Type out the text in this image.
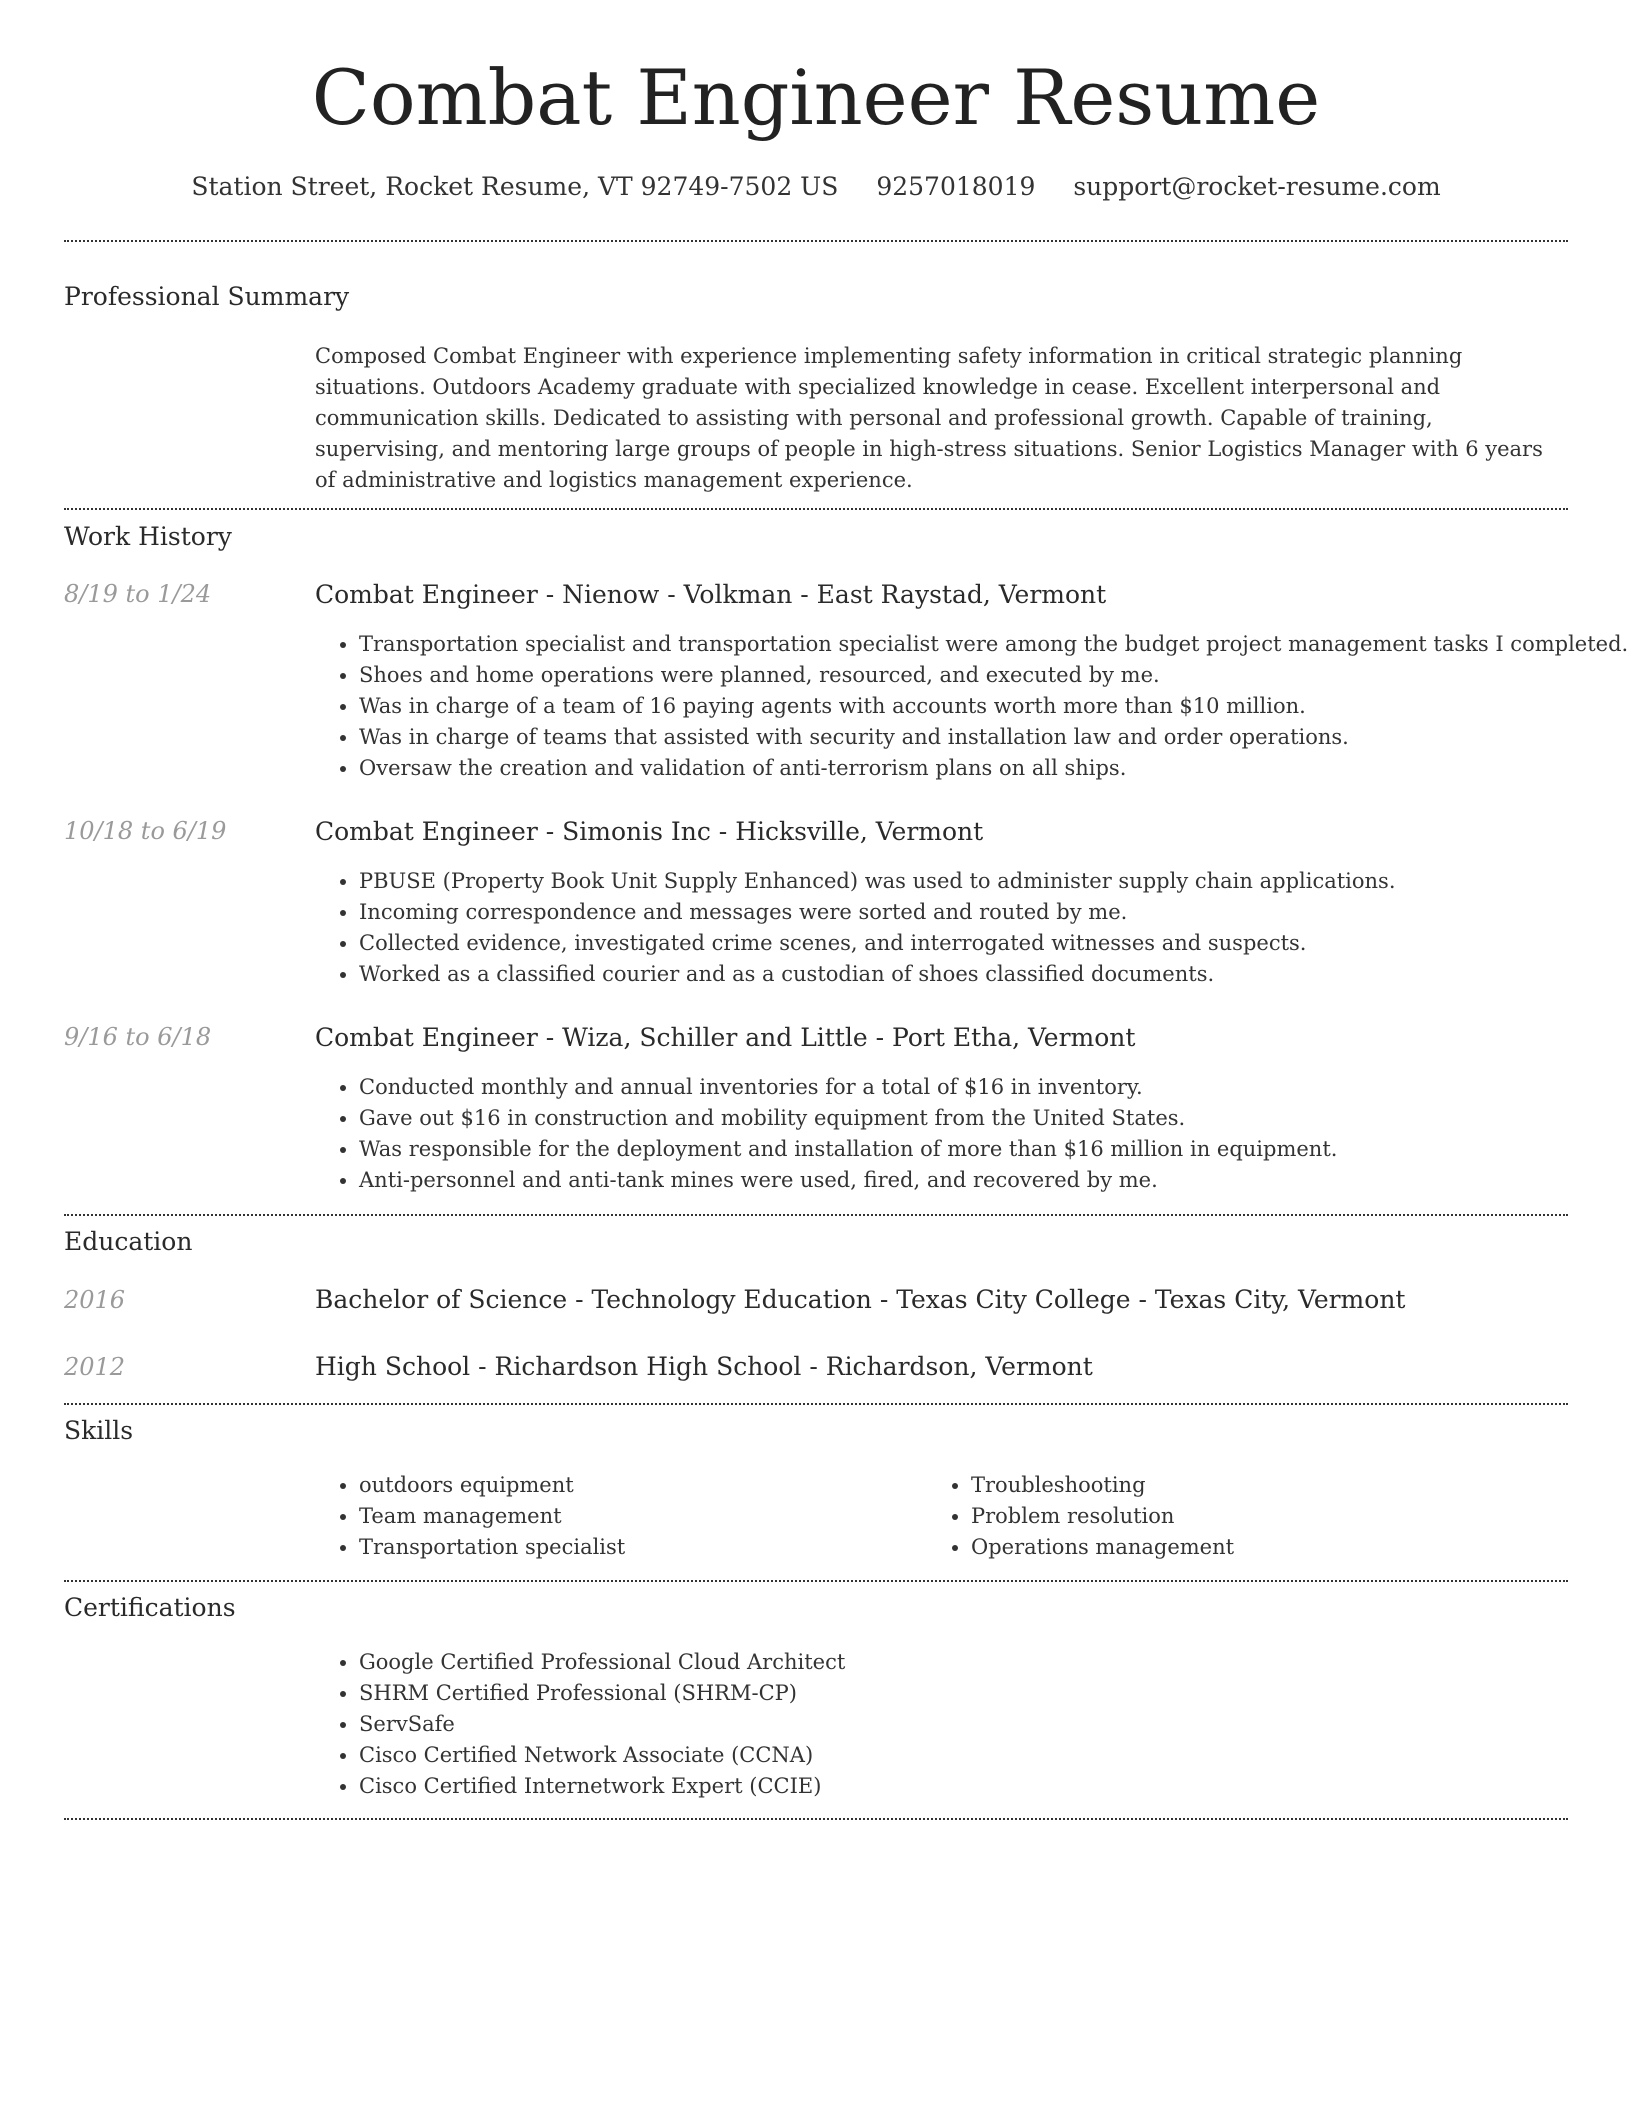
Combat Engineer Resume
Station Street, Rocket Resume, VT 92749-7502 US 9257018019 support@rocket-resume.com
Professional Summary
Composed Combat Engineer with experience implementing safety information in critical strategic planning situations. Outdoors Academy graduate with specialized knowledge in cease. Excellent interpersonal and communication skills. Dedicated to assisting with personal and professional growth. Capable of training, supervising, and mentoring large groups of people in high-stress situations. Senior Logistics Manager with 6 years of administrative and logistics management experience.
Work History
8/19 to 1/24	Combat Engineer - Nienow - Volkman - East Raystad, Vermont
• Transportation specialist and transportation specialist were among the budget project management tasks I completed.
• Shoes and home operations were planned, resourced, and executed by me.
• Was in charge of a team of 16 paying agents with accounts worth more than $10 million.
• Was in charge of teams that assisted with security and installation law and order operations.
• Oversaw the creation and validation of anti-terrorism plans on all ships.
10/18 to 6/19	Combat Engineer - Simonis Inc - Hicksville, Vermont
• PBUSE (Property Book Unit Supply Enhanced) was used to administer supply chain applications.
• Incoming correspondence and messages were sorted and routed by me.
• Collected evidence, investigated crime scenes, and interrogated witnesses and suspects.
• Worked as a classified courier and as a custodian of shoes classified documents.
9/16 to 6/18	Combat Engineer - Wiza, Schiller and Little - Port Etha, Vermont
• Conducted monthly and annual inventories for a total of $16 in inventory.
• Gave out $16 in construction and mobility equipment from the United States.
• Was responsible for the deployment and installation of more than $16 million in equipment.
• Anti-personnel and anti-tank mines were used, fired, and recovered by me.
Education
2016	Bachelor of Science - Technology Education - Texas City College - Texas City, Vermont
2012	High School - Richardson High School - Richardson, Vermont
Skills
• outdoors equipment
• Team management
• Transportation specialist
• Troubleshooting
• Problem resolution
• Operations management
Certifications
• Google Certified Professional Cloud Architect
• SHRM Certified Professional (SHRM-CP)
• ServSafe
• Cisco Certified Network Associate (CCNA)
• Cisco Certified Internetwork Expert (CCIE)
